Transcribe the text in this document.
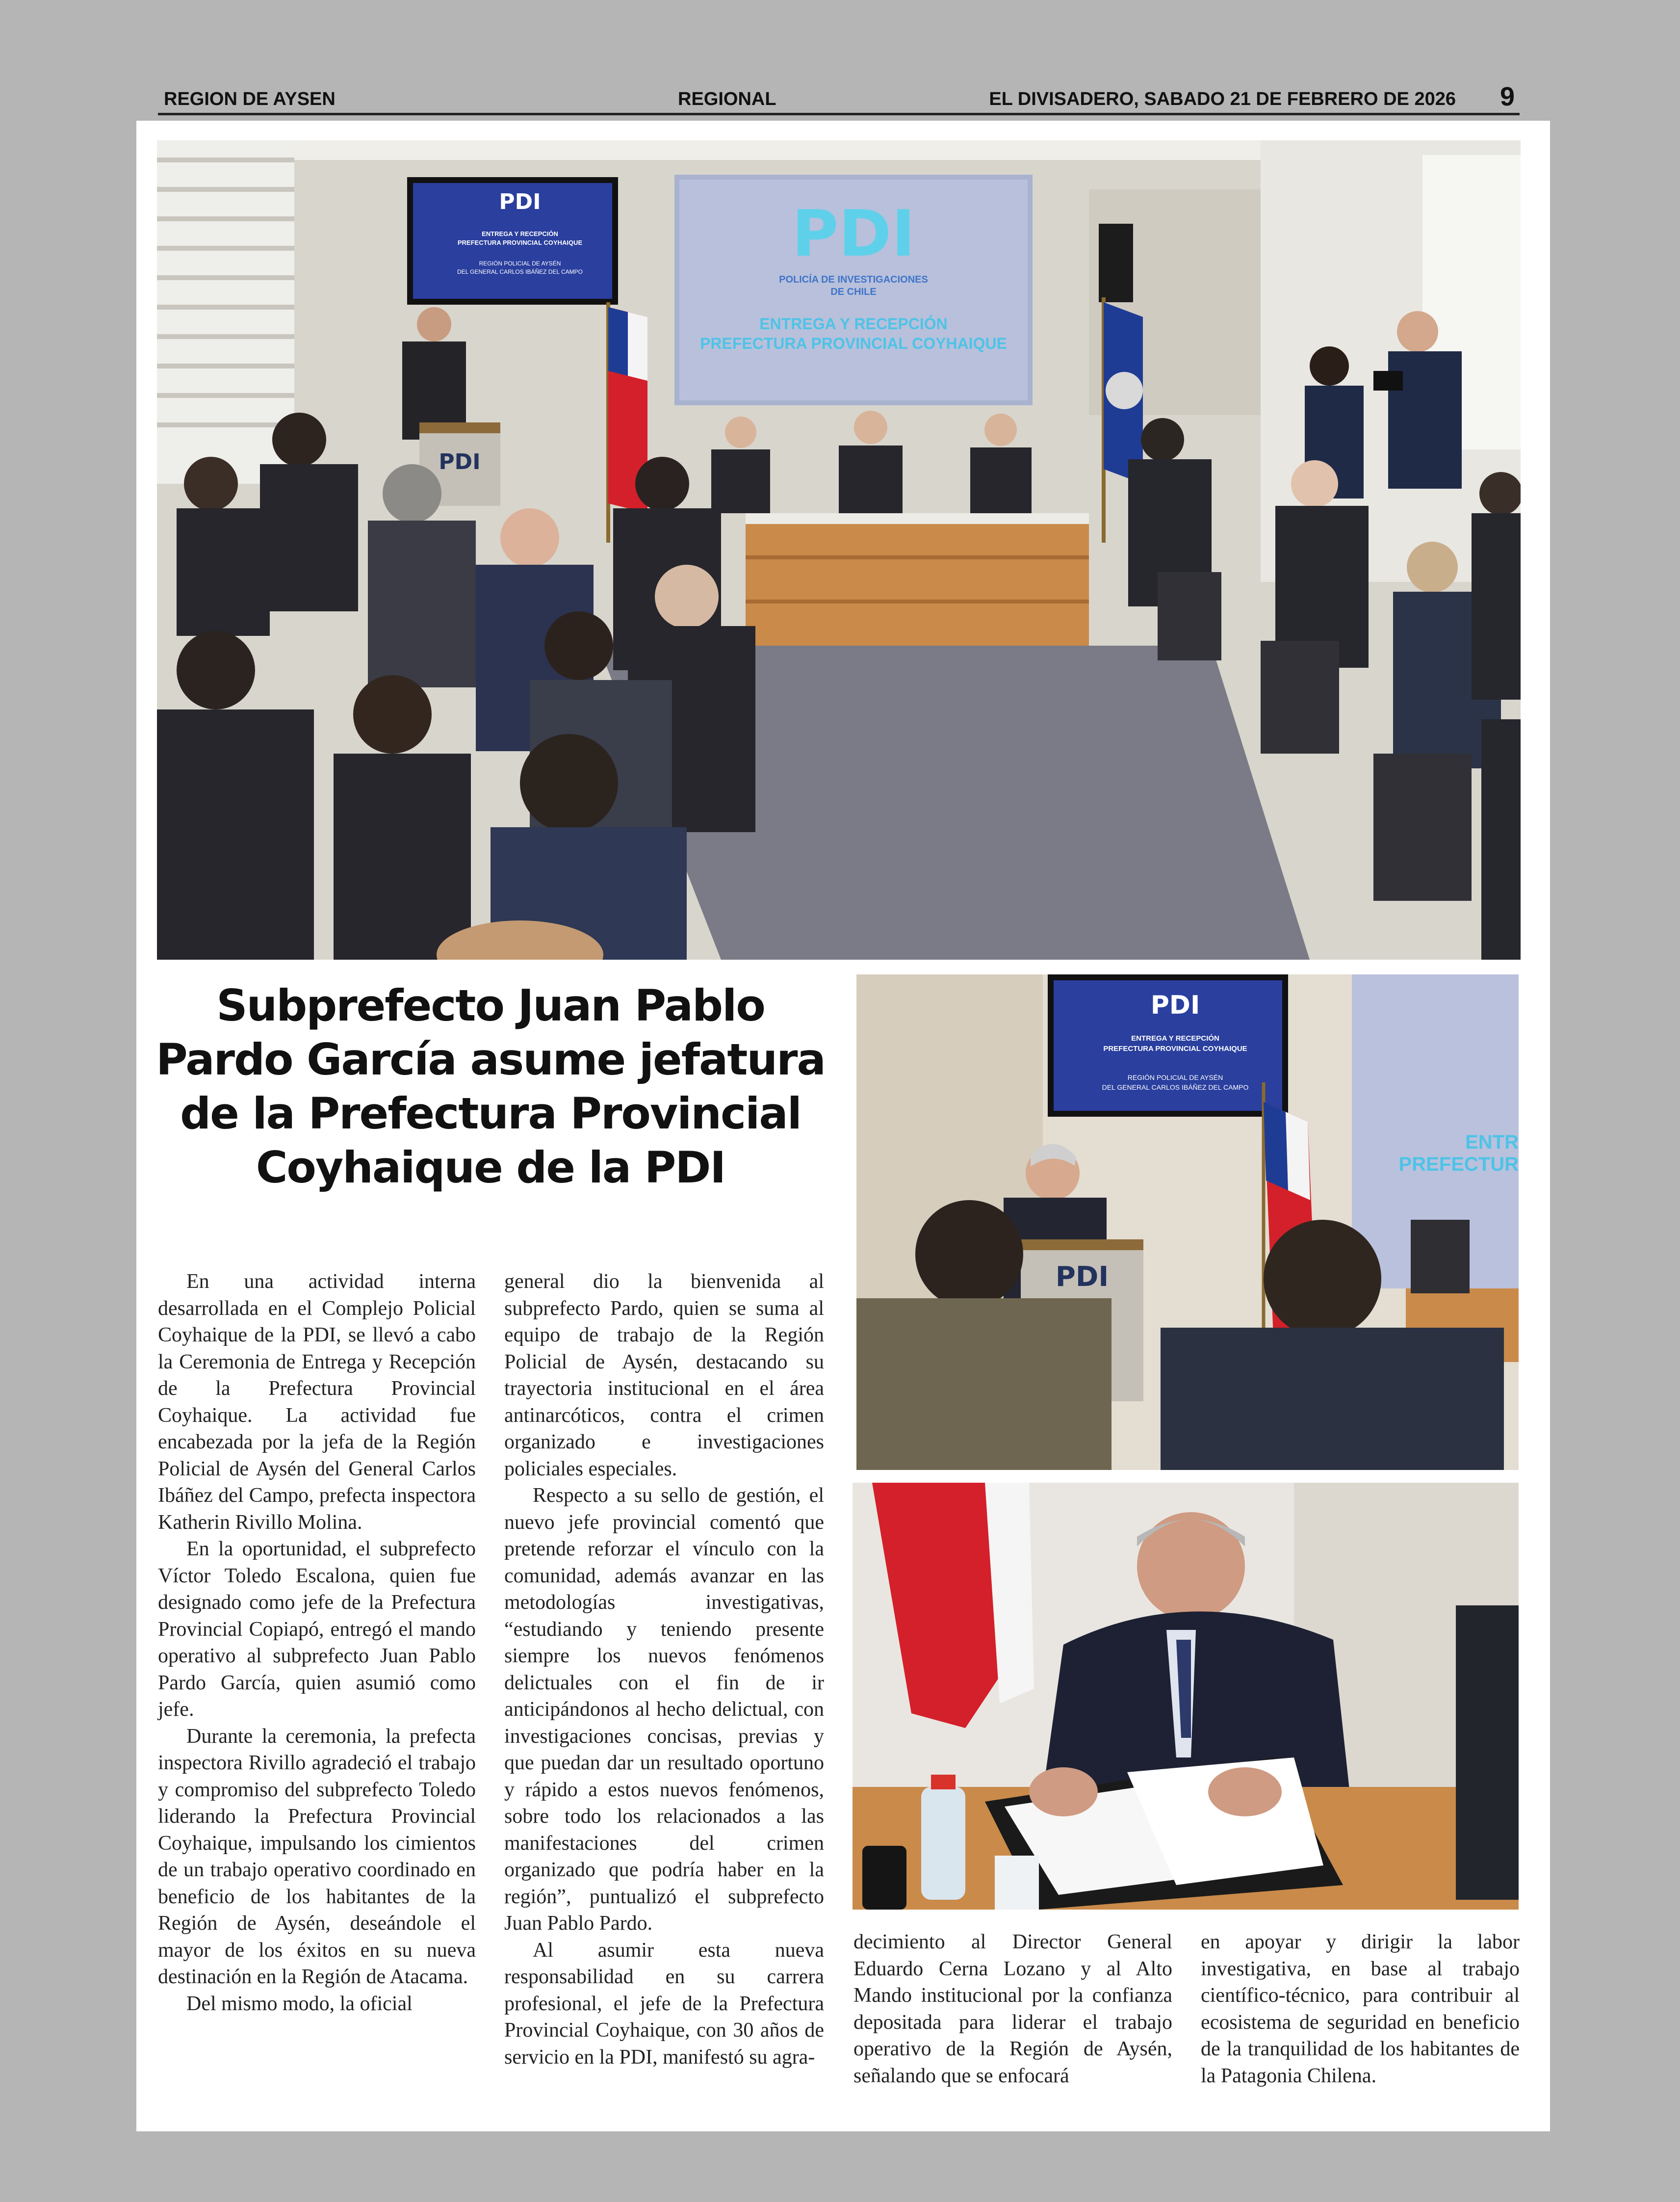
REGION DE AYSEN	REGIONAL	EL DIVISADERO, SABADO 21 DE FEBRERO DE 2026 9
PDI
POLICÍA DE INVESTIGACIONES
DE CHILE
ENTREGA Y RECEPCIÓN
PREFECTURA PROVINCIAL COYHAIQUE
PDI
ENTREGA Y RECEPCIÓN
PREFECTURA PROVINCIAL COYHAIQUE
REGIÓN POLICIAL DE AYSÉN
DEL GENERAL CARLOS IBÁÑEZ DEL CAMPO
PDI
Subprefecto Juan Pablo Pardo García asume jefatura de la Prefectura Provincial Coyhaique de la PDI

En una actividad interna desarrollada en el Complejo Policial Coyhaique de la PDI, se llevó a cabo la Ceremonia de Entrega y Recepción de la Prefectura Provincial Coyhaique. La actividad fue encabezada por la jefa de la Región Policial de Aysén del General Carlos Ibáñez del Campo, prefecta inspectora Katherin Rivillo Molina.

En la oportunidad, el subprefecto Víctor Toledo Escalona, quien fue designado como jefe de la Prefectura Provincial Copiapó, entregó el mando operativo al subprefecto Juan Pablo Pardo García, quien asumió como jefe.

Durante la ceremonia, la prefecta inspectora Rivillo agradeció el trabajo y compromiso del subprefecto Toledo liderando la Prefectura Provincial Coyhaique, impulsando los cimientos de un trabajo operativo coordinado en beneficio de los habitantes de la Región de Aysén, deseándole el mayor de los éxitos en su nueva destinación en la Región de Atacama.

Del mismo modo, la oficial

general dio la bienvenida al subprefecto Pardo, quien se suma al equipo de trabajo de la Región Policial de Aysén, destacando su trayectoria institucional en el área antinarcóticos, contra el crimen organizado e investigaciones policiales especiales.

Respecto a su sello de gestión, el nuevo jefe provincial comentó que pretende reforzar el vínculo con la comunidad, además avanzar en las metodologías investigativas, “estudiando y teniendo presente siempre los nuevos fenómenos delictuales con el fin de ir anticipándonos al hecho delictual, con investigaciones concisas, previas y que puedan dar un resultado oportuno y rápido a estos nuevos fenómenos, sobre todo los relacionados a las manifestaciones del crimen organizado que podría haber en la región”, puntualizó el subprefecto Juan Pablo Pardo.

Al asumir esta nueva responsabilidad en su carrera profesional, el jefe de la Prefectura Provincial Coyhaique, con 30 años de servicio en la PDI, manifestó su agra-

ENTR
PREFECTUR
PDI
ENTREGA Y RECEPCIÓN
PREFECTURA PROVINCIAL COYHAIQUE
REGIÓN POLICIAL DE AYSÉN
DEL GENERAL CARLOS IBÁÑEZ DEL CAMPO
PDI

decimiento al Director General Eduardo Cerna Lozano y al Alto Mando institucional por la confianza depositada para liderar el trabajo operativo de la Región de Aysén, señalando que se enfocará

en apoyar y dirigir la labor investigativa, en base al trabajo científico-técnico, para contribuir al ecosistema de seguridad en beneficio de la tranquilidad de los habitantes de la Patagonia Chilena.
